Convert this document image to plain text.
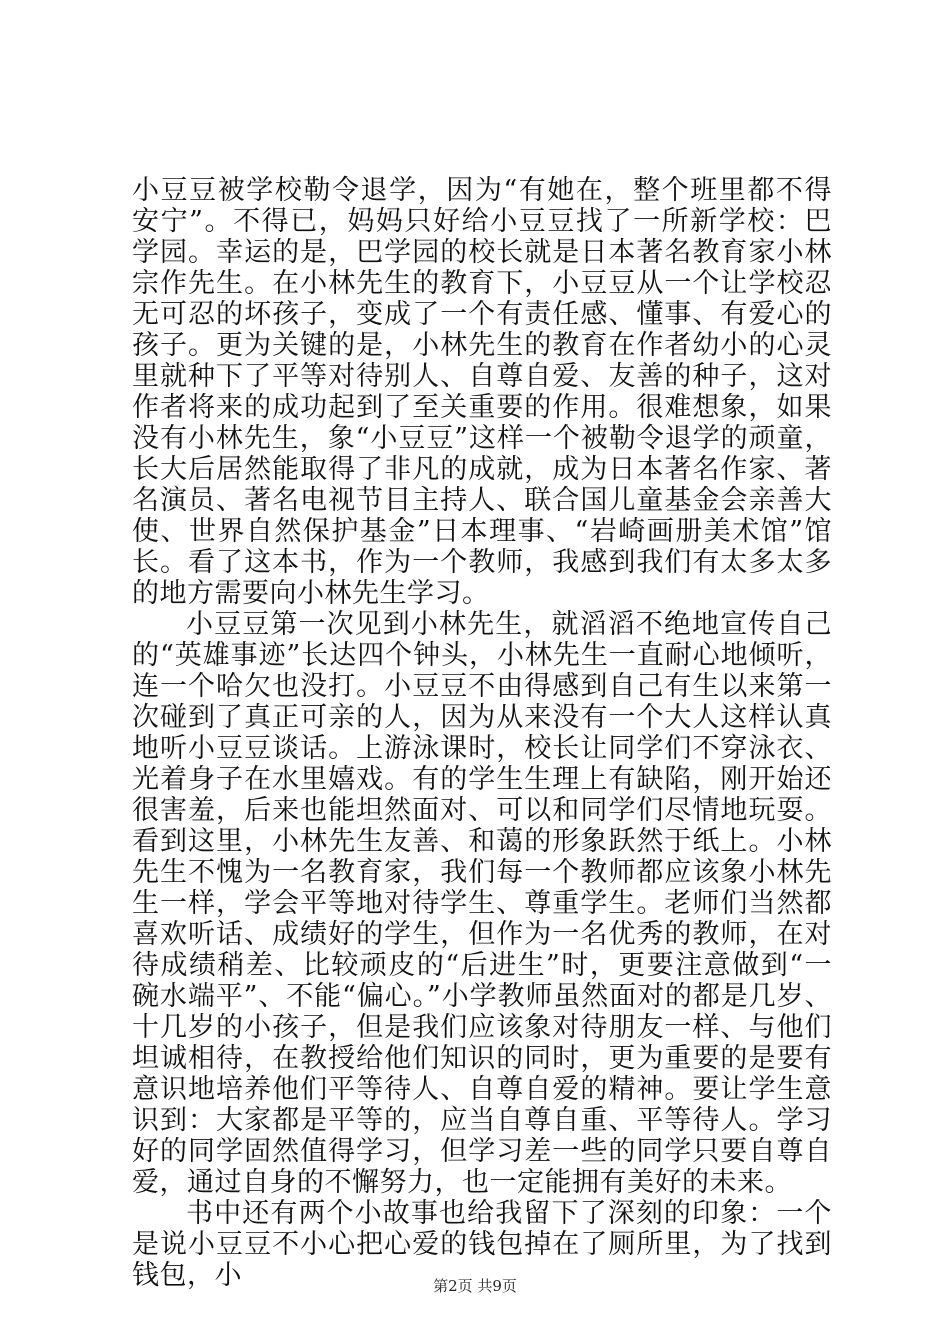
小豆豆被学校勒令退学，因为“有她在，整个班里都不得安宁”。不得已，妈妈只好给小豆豆找了一所新学校：巴学园。幸运的是，巴学园的校长就是日本著名教育家小林宗作先生。在小林先生的教育下，小豆豆从一个让学校忍无可忍的坏孩子，变成了一个有责任感、懂事、有爱心的孩子。更为关键的是，小林先生的教育在作者幼小的心灵里就种下了平等对待别人、自尊自爱、友善的种子，这对作者将来的成功起到了至关重要的作用。很难想象，如果没有小林先生，象“小豆豆”这样一个被勒令退学的顽童，长大后居然能取得了非凡的成就，成为日本著名作家、著名演员、著名电视节目主持人、联合国儿童基金会亲善大使、世界自然保护基金”日本理事、“岩崎画册美术馆”馆长。看了这本书，作为一个教师，我感到我们有太多太多的地方需要向小林先生学习。

小豆豆第一次见到小林先生，就滔滔不绝地宣传自己的“英雄事迹”长达四个钟头，小林先生一直耐心地倾听，连一个哈欠也没打。小豆豆不由得感到自己有生以来第一次碰到了真正可亲的人，因为从来没有一个大人这样认真地听小豆豆谈话。上游泳课时，校长让同学们不穿泳衣、光着身子在水里嬉戏。有的学生生理上有缺陷，刚开始还很害羞，后来也能坦然面对、可以和同学们尽情地玩耍。看到这里，小林先生友善、和蔼的形象跃然于纸上。小林先生不愧为一名教育家，我们每一个教师都应该象小林先生一样，学会平等地对待学生、尊重学生。老师们当然都喜欢听话、成绩好的学生，但作为一名优秀的教师，在对待成绩稍差、比较顽皮的“后进生”时，更要注意做到“一碗水端平”、不能“偏心。”小学教师虽然面对的都是几岁、十几岁的小孩子，但是我们应该象对待朋友一样、与他们坦诚相待，在教授给他们知识的同时，更为重要的是要有意识地培养他们平等待人、自尊自爱的精神。要让学生意识到：大家都是平等的，应当自尊自重、平等待人。学习好的同学固然值得学习，但学习差一些的同学只要自尊自爱，通过自身的不懈努力，也一定能拥有美好的未来。

书中还有两个小故事也给我留下了深刻的印象：一个是说小豆豆不小心把心爱的钱包掉在了厕所里，为了找到钱包，小	第2页 共9页
